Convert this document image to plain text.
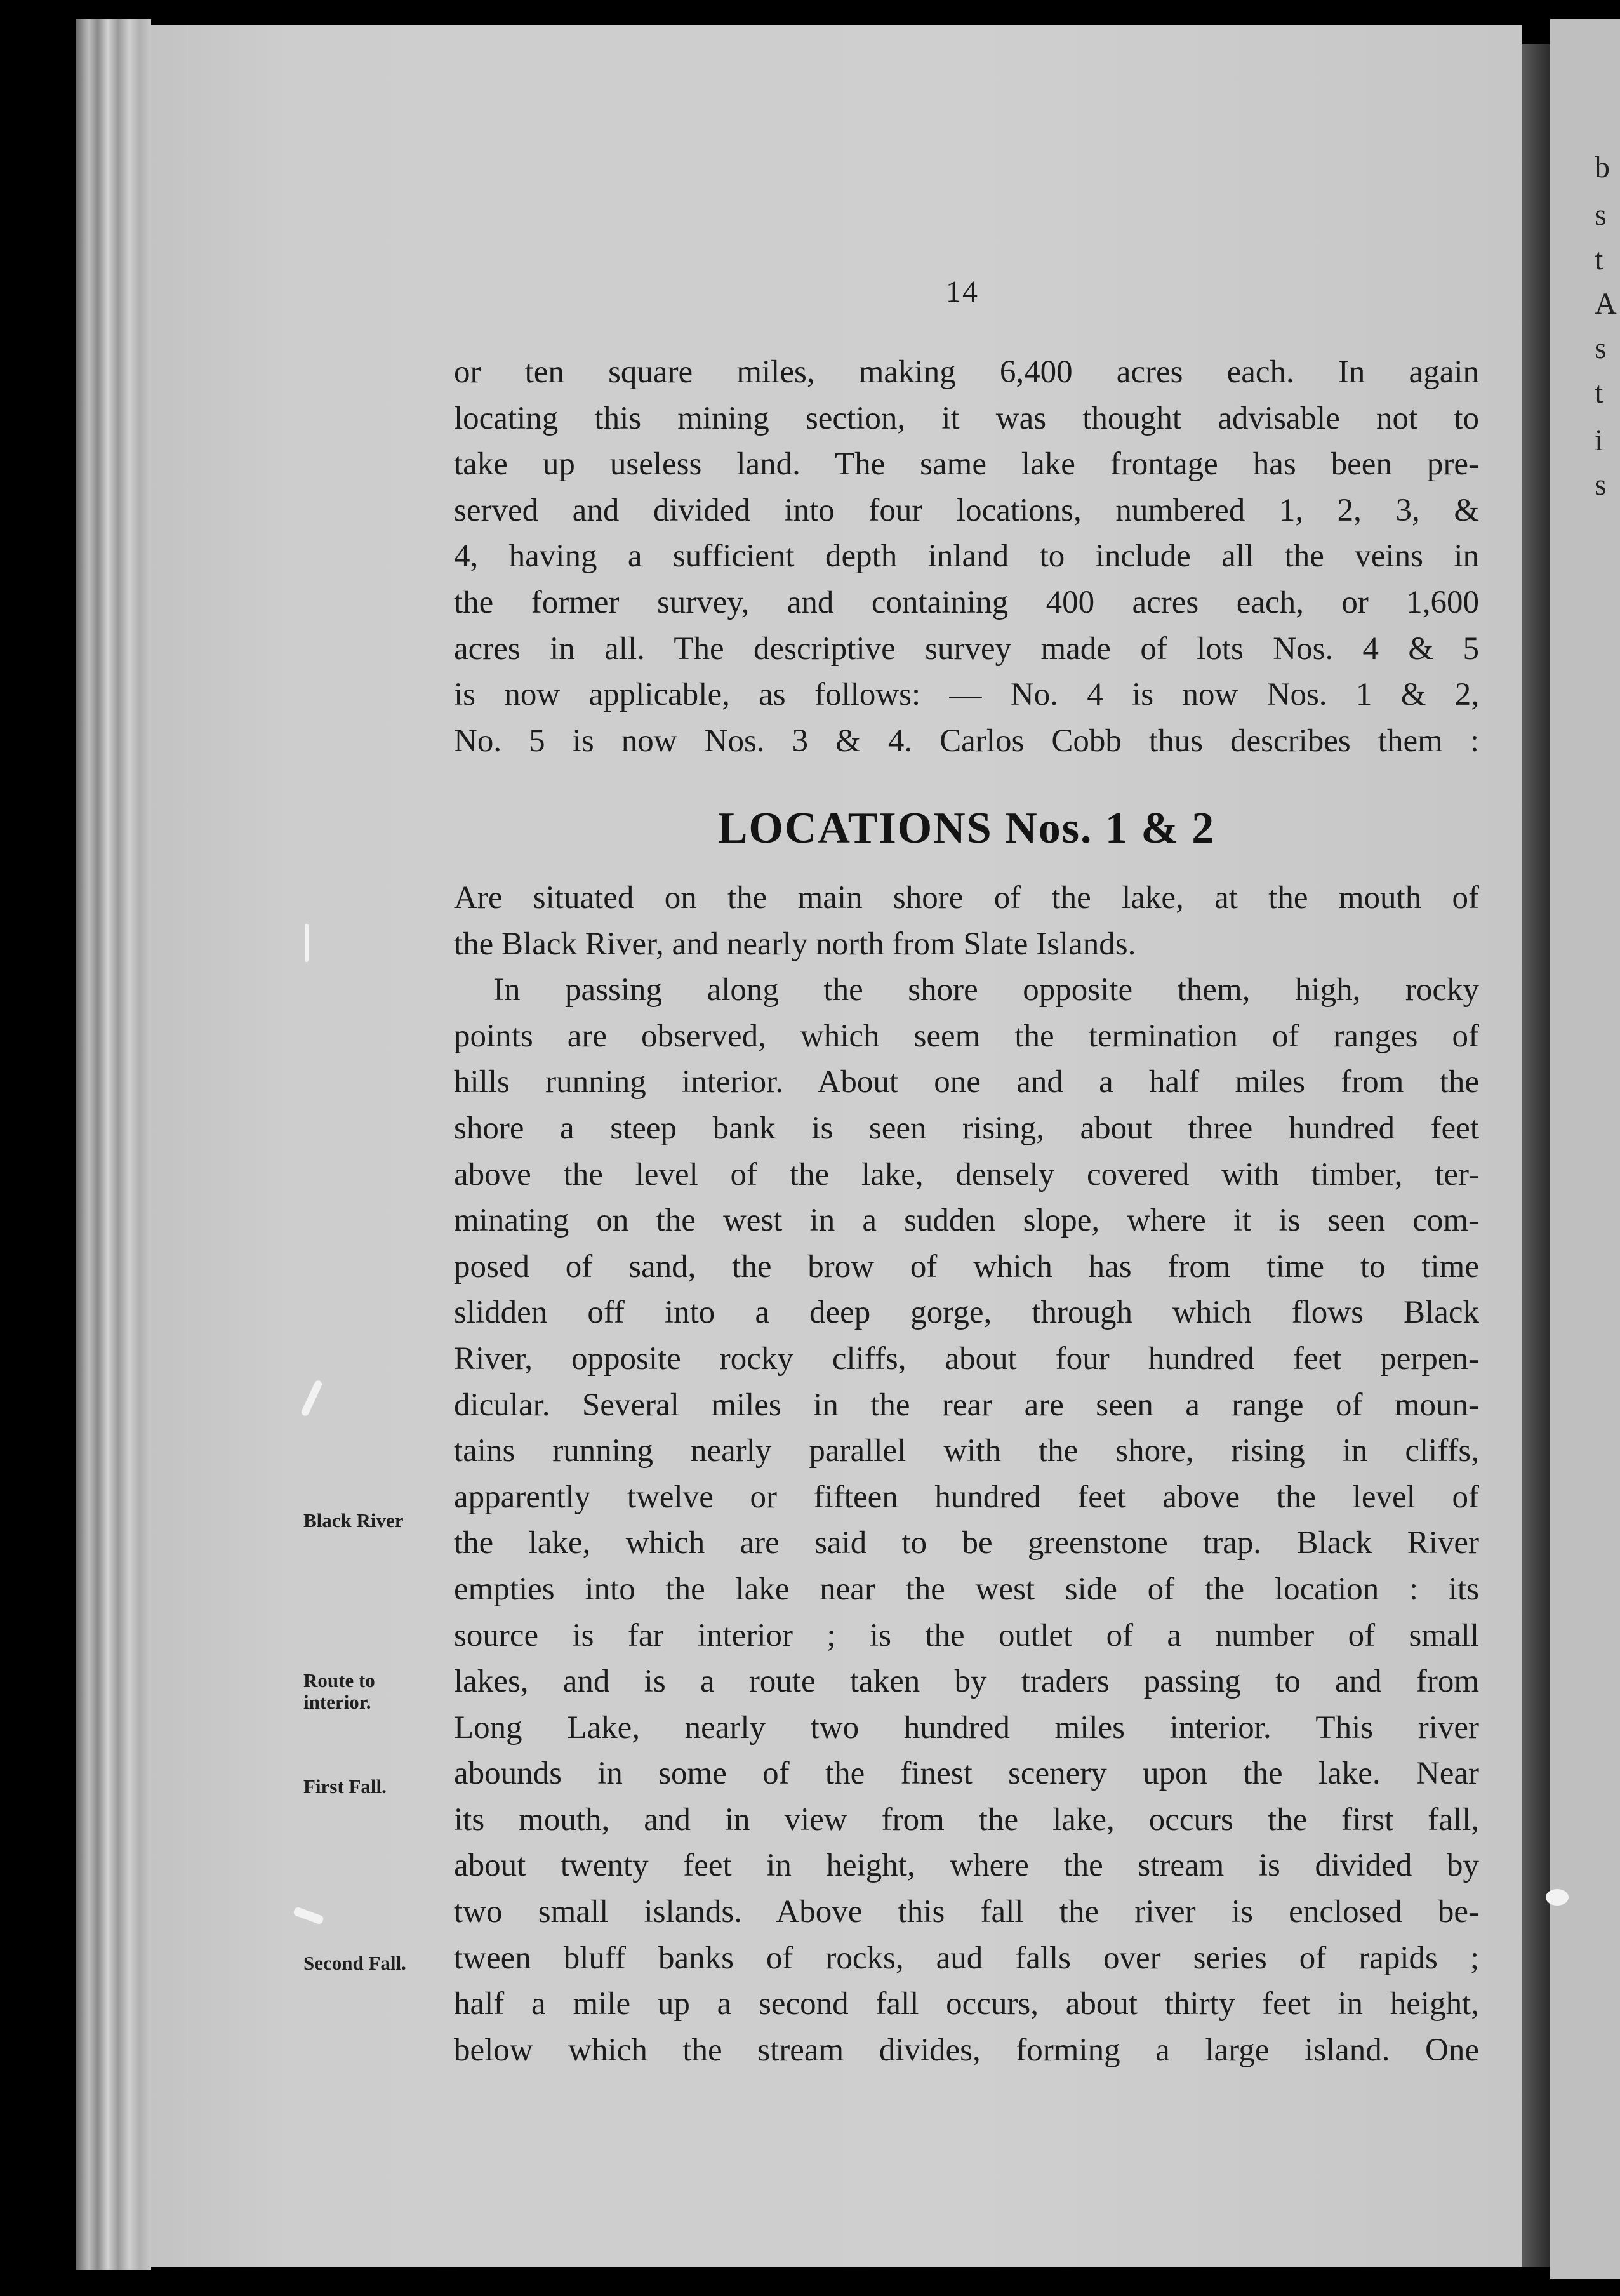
b
s
t
A
s
t
i
s
14
or ten square miles, making 6,400 acres each. In again
locating this mining section, it was thought advisable not to
take up useless land. The same lake frontage has been pre-
served and divided into four locations, numbered 1, 2, 3, &
4, having a sufficient depth inland to include all the veins in
the former survey, and containing 400 acres each, or 1,600
acres in all. The descriptive survey made of lots Nos. 4 & 5
is now applicable, as follows: — No. 4 is now Nos. 1 & 2,
No. 5 is now Nos. 3 & 4. Carlos Cobb thus describes them :
LOCATIONS Nos. 1 & 2
Are situated on the main shore of the lake, at the mouth of
the Black River, and nearly north from Slate Islands.
In passing along the shore opposite them, high, rocky
points are observed, which seem the termination of ranges of
hills running interior. About one and a half miles from the
shore a steep bank is seen rising, about three hundred feet
above the level of the lake, densely covered with timber, ter-
minating on the west in a sudden slope, where it is seen com-
posed of sand, the brow of which has from time to time
slidden off into a deep gorge, through which flows Black
River, opposite rocky cliffs, about four hundred feet perpen-
dicular. Several miles in the rear are seen a range of moun-
tains running nearly parallel with the shore, rising in cliffs,
apparently twelve or fifteen hundred feet above the level of
the lake, which are said to be greenstone trap. Black River
empties into the lake near the west side of the location : its
source is far interior ; is the outlet of a number of small
lakes, and is a route taken by traders passing to and from
Long Lake, nearly two hundred miles interior. This river
abounds in some of the finest scenery upon the lake. Near
its mouth, and in view from the lake, occurs the first fall,
about twenty feet in height, where the stream is divided by
two small islands. Above this fall the river is enclosed be-
tween bluff banks of rocks, aud falls over series of rapids ;
half a mile up a second fall occurs, about thirty feet in height,
below which the stream divides, forming a large island. One
Black River
Route to
interior.
First Fall.
Second Fall.
